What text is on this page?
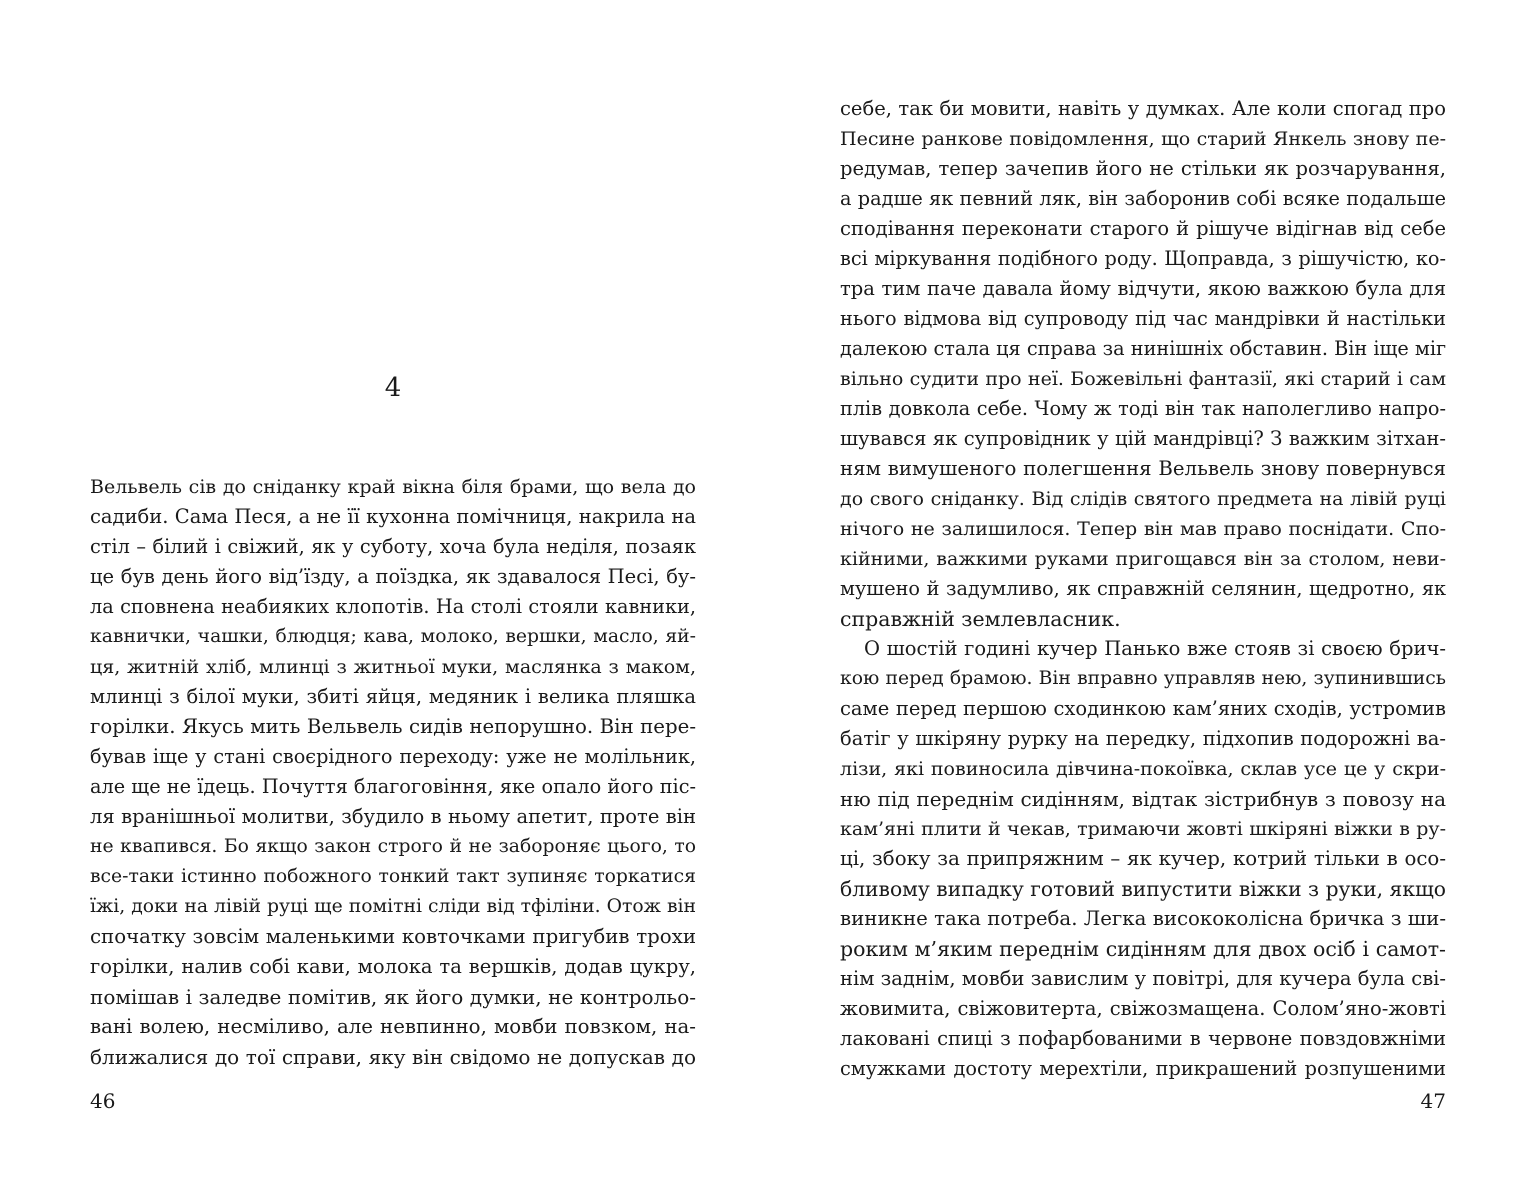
4
Вельвель сів до сніданку край вікна біля брами, що вела до
садиби. Сама Песя, а не її кухонна помічниця, накрила на
стіл – білий і свіжий, як у суботу, хоча була неділя, позаяк
це був день його від’їзду, а поїздка, як здавалося Песі, бу-
ла сповнена неабияких клопотів. На столі стояли кавники,
кавнички, чашки, блюдця; кава, молоко, вершки, масло, яй-
ця, житній хліб, млинці з житньої муки, маслянка з маком,
млинці з білої муки, збиті яйця, медяник і велика пляшка
горілки. Якусь мить Вельвель сидів непорушно. Він пере-
бував іще у стані своєрідного переходу: уже не молільник,
але ще не їдець. Почуття благоговіння, яке опало його піс-
ля вранішньої молитви, збудило в ньому апетит, проте він
не квапився. Бо якщо закон строго й не забороняє цього, то
все-таки істинно побожного тонкий такт зупиняє торкатися
їжі, доки на лівій руці ще помітні сліди від тфіліни. Отож він
спочатку зовсім маленькими ковточками пригубив трохи
горілки, налив собі кави, молока та вершків, додав цукру,
помішав і заледве помітив, як його думки, не контрольо-
вані волею, несміливо, але невпинно, мовби повзком, на-
ближалися до тої справи, яку він свідомо не допускав до
46
себе, так би мовити, навіть у думках. Але коли спогад про
Песине ранкове повідомлення, що старий Янкель знову пе-
редумав, тепер зачепив його не стільки як розчарування,
а радше як певний ляк, він заборонив собі всяке подальше
сподівання переконати старого й рішуче відігнав від себе
всі міркування подібного роду. Щоправда, з рішучістю, ко-
тра тим паче давала йому відчути, якою важкою була для
нього відмова від супроводу під час мандрівки й настільки
далекою стала ця справа за нинішніх обставин. Він іще міг
вільно судити про неї. Божевільні фантазії, які старий і сам
плів довкола себе. Чому ж тоді він так наполегливо напро-
шувався як супровідник у цій мандрівці? З важким зітхан-
ням вимушеного полегшення Вельвель знову повернувся
до свого сніданку. Від слідів святого предмета на лівій руці
нічого не залишилося. Тепер він мав право поснідати. Спо-
кійними, важкими руками пригощався він за столом, неви-
мушено й задумливо, як справжній селянин, щедротно, як
справжній землевласник.
О шостій годині кучер Панько вже стояв зі своєю брич-
кою перед брамою. Він вправно управляв нею, зупинившись
саме перед першою сходинкою кам’яних сходів, устромив
батіг у шкіряну рурку на передку, підхопив подорожні ва-
лізи, які повиносила дівчина-покоївка, склав усе це у скри-
ню під переднім сидінням, відтак зістрибнув з повозу на
кам’яні плити й чекав, тримаючи жовті шкіряні віжки в ру-
ці, збоку за припряжним – як кучер, котрий тільки в осо-
бливому випадку готовий випустити віжки з руки, якщо
виникне така потреба. Легка висококолісна бричка з ши-
роким м’яким переднім сидінням для двох осіб і самот-
нім заднім, мовби завислим у повітрі, для кучера була сві-
жовимита, свіжовитерта, свіжозмащена. Солом’яно-жовті
лаковані спиці з пофарбованими в червоне повздовжніми
смужками достоту мерехтіли, прикрашений розпушеними
47
